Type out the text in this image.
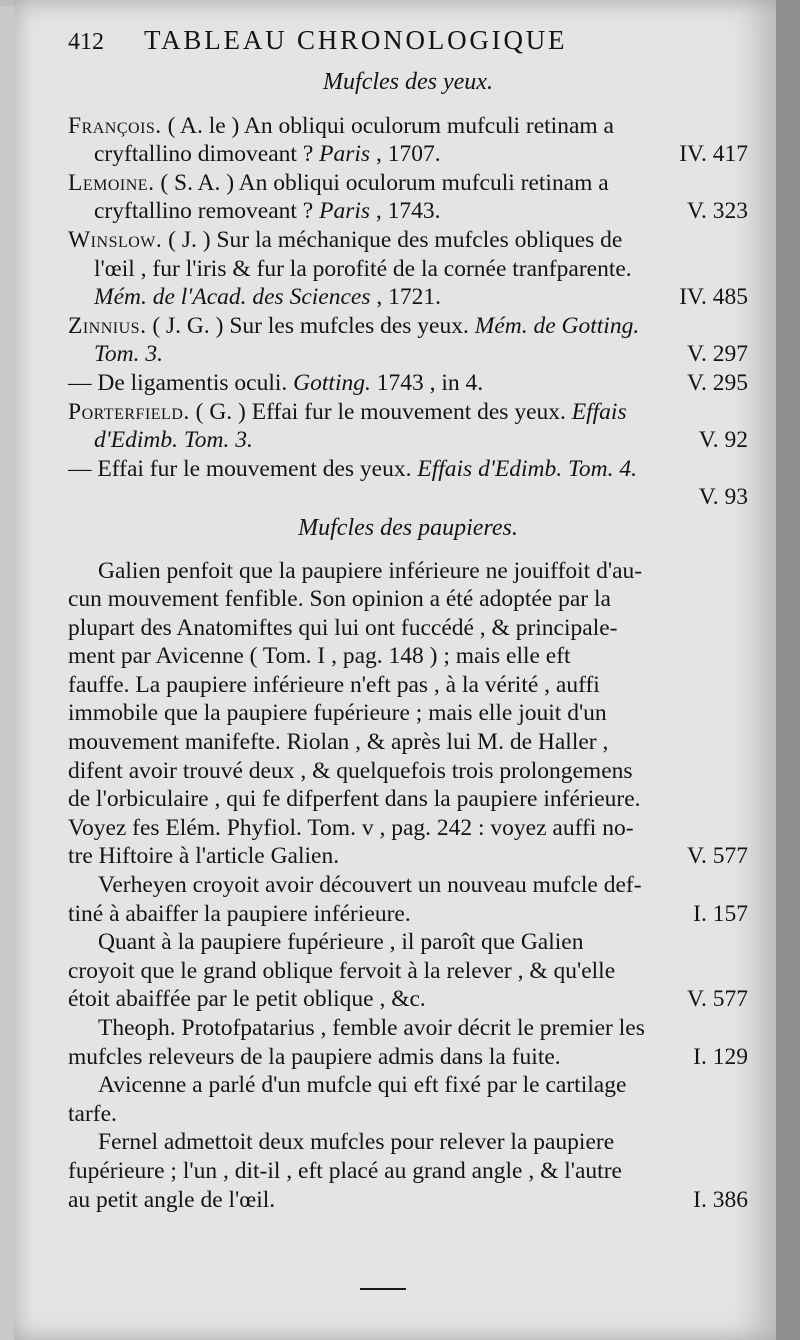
412	TABLEAU CHRONOLOGIQUE
Mufcles des yeux.
François. ( A. le ) An obliqui oculorum mufculi retinam a
cryftallino dimoveant ? Paris , 1707.	IV. 417
Lemoine. ( S. A. ) An obliqui oculorum mufculi retinam a
cryftallino removeant ? Paris , 1743.	V. 323
Winslow. ( J. ) Sur la méchanique des mufcles obliques de
l'œil , fur l'iris & fur la porofité de la cornée tranfparente.
Mém. de l'Acad. des Sciences , 1721.	IV. 485
Zinnius. ( J. G. ) Sur les mufcles des yeux. Mém. de Gotting.
Tom. 3.	V. 297
— De ligamentis oculi. Gotting. 1743 , in 4.	V. 295
Porterfield. ( G. ) Effai fur le mouvement des yeux. Effais
d'Edimb. Tom. 3.	V. 92
— Effai fur le mouvement des yeux. Effais d'Edimb. Tom. 4.
V. 93
Mufcles des paupieres.
Galien penfoit que la paupiere inférieure ne jouiffoit d'au-
cun mouvement fenfible. Son opinion a été adoptée par la
plupart des Anatomiftes qui lui ont fuccédé , & principale-
ment par Avicenne ( Tom. I , pag. 148 ) ; mais elle eft
fauffe. La paupiere inférieure n'eft pas , à la vérité , auffi
immobile que la paupiere fupérieure ; mais elle jouit d'un
mouvement manifefte. Riolan , & après lui M. de Haller ,
difent avoir trouvé deux , & quelquefois trois prolongemens
de l'orbiculaire , qui fe difperfent dans la paupiere inférieure.
Voyez fes Elém. Phyfiol. Tom. v , pag. 242 : voyez auffi no-
tre Hiftoire à l'article Galien.	V. 577
Verheyen croyoit avoir découvert un nouveau mufcle def-
tiné à abaiffer la paupiere inférieure.	I. 157
Quant à la paupiere fupérieure , il paroît que Galien
croyoit que le grand oblique fervoit à la relever , & qu'elle
étoit abaiffée par le petit oblique , &c.	V. 577
Theoph. Protofpatarius , femble avoir décrit le premier les
mufcles releveurs de la paupiere admis dans la fuite.	I. 129
Avicenne a parlé d'un mufcle qui eft fixé par le cartilage
tarfe.
Fernel admettoit deux mufcles pour relever la paupiere
fupérieure ; l'un , dit-il , eft placé au grand angle , & l'autre
au petit angle de l'œil.	I. 386
